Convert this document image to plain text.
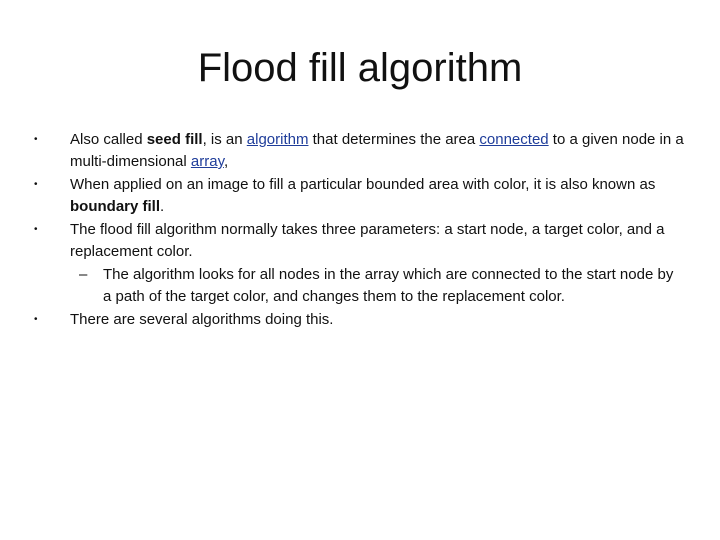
Flood fill algorithm
• Also called seed fill, is an algorithm that determines the area connected to a given node in a multi-dimensional array,
• When applied on an image to fill a particular bounded area with color, it is also known as boundary fill.
• The flood fill algorithm normally takes three parameters: a start node, a target color, and a replacement color.
– The algorithm looks for all nodes in the array which are connected to the start node by a path of the target color, and changes them to the replacement color.
• There are several algorithms doing this.
